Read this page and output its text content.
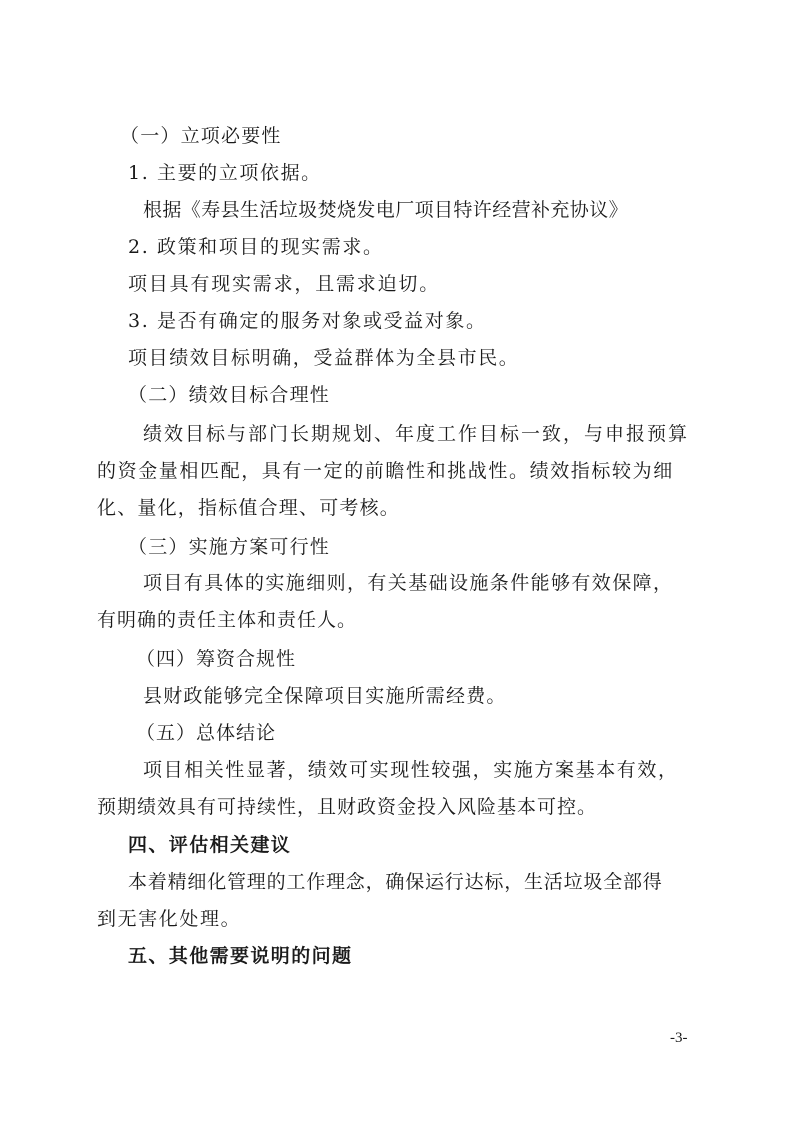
（一）立项必要性
1. 主要的立项依据。
根据《寿县生活垃圾焚烧发电厂项目特许经营补充协议》
2. 政策和项目的现实需求。
项目具有现实需求，且需求迫切。
3. 是否有确定的服务对象或受益对象。
项目绩效目标明确，受益群体为全县市民。
（二）绩效目标合理性
绩效目标与部门长期规划、年度工作目标一致，与申报预算
的资金量相匹配，具有一定的前瞻性和挑战性。绩效指标较为细
化、量化，指标值合理、可考核。
（三）实施方案可行性
项目有具体的实施细则，有关基础设施条件能够有效保障，
有明确的责任主体和责任人。
（四）筹资合规性
县财政能够完全保障项目实施所需经费。
（五）总体结论
项目相关性显著，绩效可实现性较强，实施方案基本有效，
预期绩效具有可持续性，且财政资金投入风险基本可控。
四、评估相关建议
本着精细化管理的工作理念，确保运行达标，生活垃圾全部得
到无害化处理。
五、其他需要说明的问题
-3-
